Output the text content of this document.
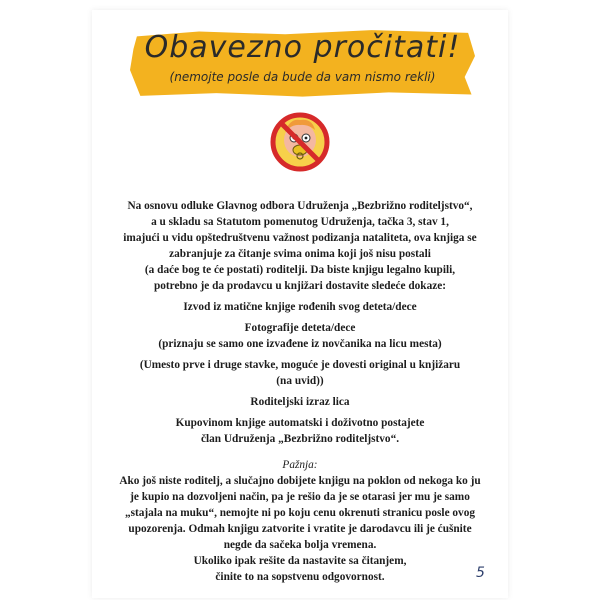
Obavezno pročitati!
(nemojte posle da bude da vam nismo rekli)

Na osnovu odluke Glavnog odbora Udruženja „Bezbrižno roditeljstvo“,
a u skladu sa Statutom pomenutog Udruženja, tačka 3, stav 1,
imajući u vidu opštedruštvenu važnost podizanja nataliteta, ova knjiga se
zabranjuje za čitanje svima onima koji još nisu postali
(a daće bog te će postati) roditelji. Da biste knjigu legalno kupili,
potrebno je da prodavcu u knjižari dostavite sledeće dokaze:

Izvod iz matične knjige rođenih svog deteta/dece

Fotografije deteta/dece
(priznaju se samo one izvađene iz novčanika na licu mesta)

(Umesto prve i druge stavke, moguće je dovesti original u knjižaru
(na uvid))

Roditeljski izraz lica

Kupovinom knjige automatski i doživotno postajete
član Udruženja „Bezbrižno roditeljstvo“.

Pažnja:

Ako još niste roditelj, a slučajno dobijete knjigu na poklon od nekoga ko ju
je kupio na dozvoljeni način, pa je rešio da je se otarasi jer mu je samo
„stajala na muku“, nemojte ni po koju cenu okrenuti stranicu posle ovog
upozorenja. Odmah knjigu zatvorite i vratite je darodavcu ili je ćušnite
negde da sačeka bolja vremena.
Ukoliko ipak rešite da nastavite sa čitanjem,
činite to na sopstvenu odgovornost.	5
